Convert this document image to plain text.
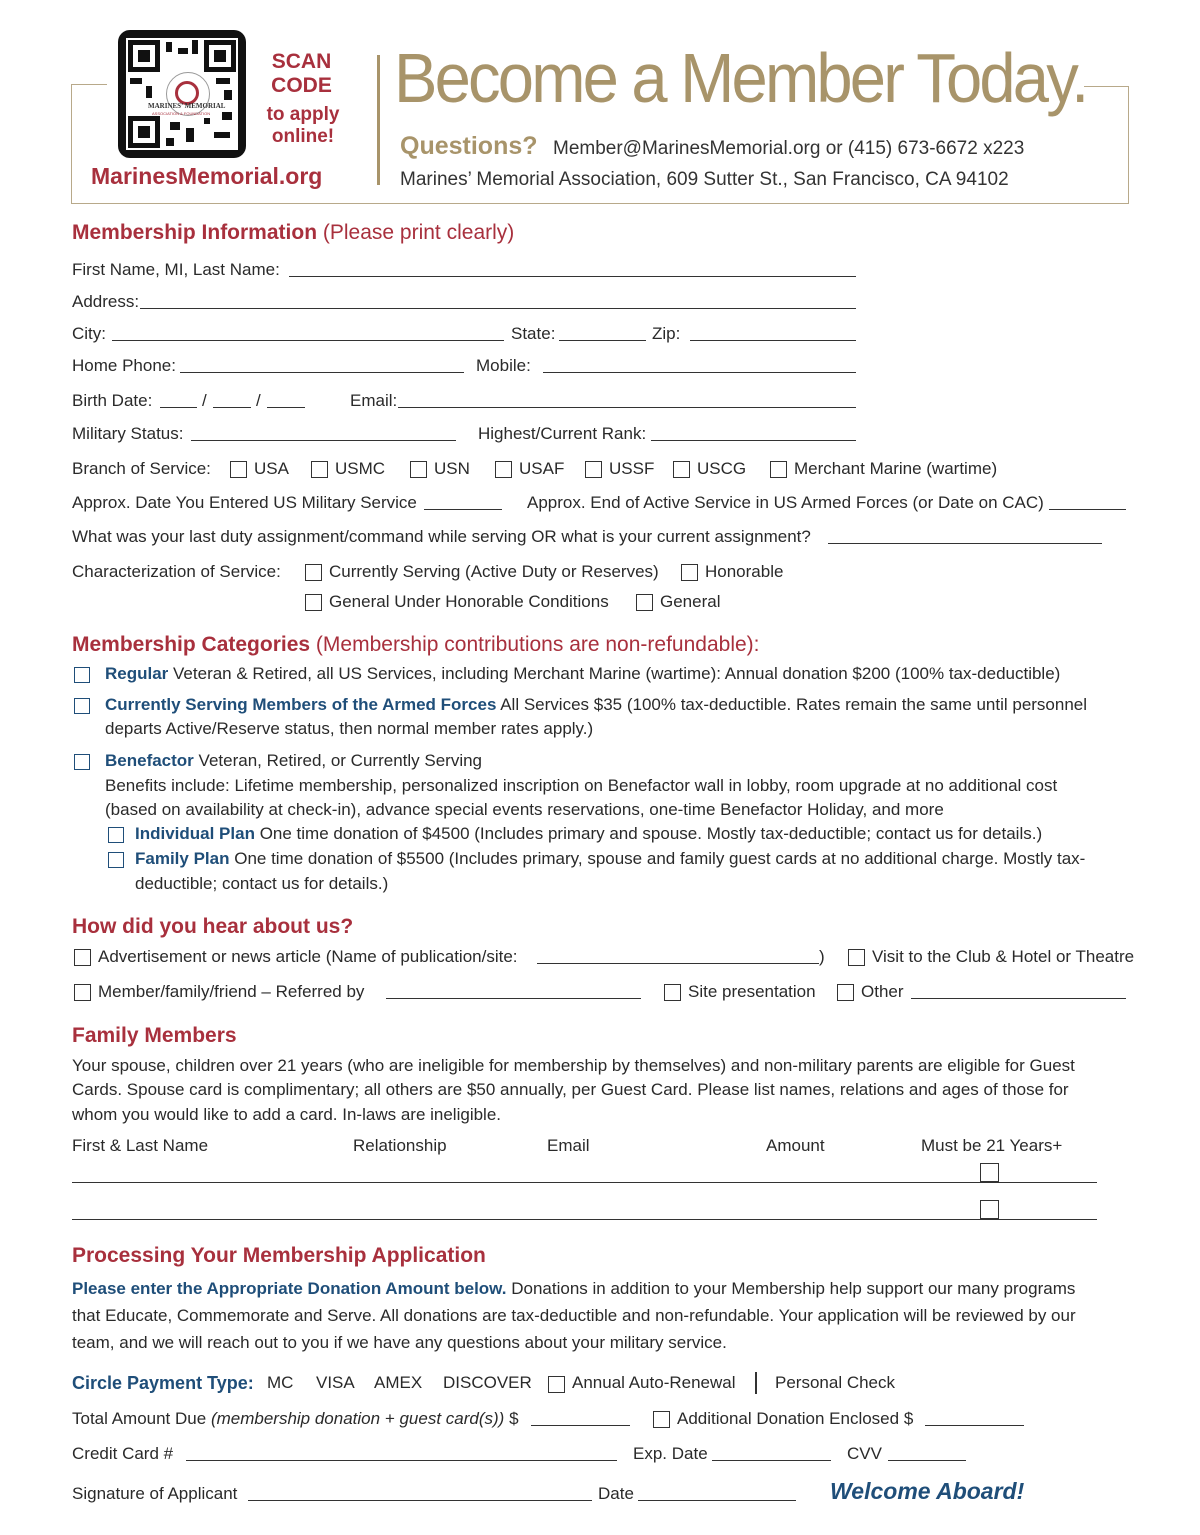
MARINES’ MEMORIAL
ASSOCIATION & FOUNDATION
SCAN
CODE
to apply
online!
MarinesMemorial.org
Become a Member Today.
Questions? Member@MarinesMemorial.org or (415) 673-6672 x223
Marines’ Memorial Association, 609 Sutter St., San Francisco, CA 94102
Membership Information (Please print clearly)
First Name, MI, Last Name:
Address:
City:	State:	Zip:
Home Phone:	Mobile:
Birth Date:	/	/	Email:
Military Status:	Highest/Current Rank:
Branch of Service:	USA	USMC	USN	USAF	USSF	USCG	Merchant Marine (wartime)
Approx. Date You Entered US Military Service	Approx. End of Active Service in US Armed Forces (or Date on CAC)
What was your last duty assignment/command while serving OR what is your current assignment?
Characterization of Service:	Currently Serving (Active Duty or Reserves)	Honorable
General Under Honorable Conditions	General
Membership Categories (Membership contributions are non-refundable):
Regular Veteran & Retired, all US Services, including Merchant Marine (wartime): Annual donation $200 (100% tax-deductible)
Currently Serving Members of the Armed Forces All Services $35 (100% tax-deductible. Rates remain the same until personnel
departs Active/Reserve status, then normal member rates apply.)
Benefactor Veteran, Retired, or Currently Serving
Benefits include: Lifetime membership, personalized inscription on Benefactor wall in lobby, room upgrade at no additional cost
(based on availability at check-in), advance special events reservations, one-time Benefactor Holiday, and more
Individual Plan One time donation of $4500 (Includes primary and spouse. Mostly tax-deductible; contact us for details.)
Family Plan One time donation of $5500 (Includes primary, spouse and family guest cards at no additional charge. Mostly tax-
deductible; contact us for details.)
How did you hear about us?
Advertisement or news article (Name of publication/site:	)	Visit to the Club & Hotel or Theatre
Member/family/friend – Referred by	Site presentation	Other
Family Members
Your spouse, children over 21 years (who are ineligible for membership by themselves) and non-military parents are eligible for Guest
Cards. Spouse card is complimentary; all others are $50 annually, per Guest Card. Please list names, relations and ages of those for
whom you would like to add a card. In-laws are ineligible.
First & Last Name	Relationship	Email	Amount	Must be 21 Years+
Processing Your Membership Application
Please enter the Appropriate Donation Amount below. Donations in addition to your Membership help support our many programs
that Educate, Commemorate and Serve. All donations are tax-deductible and non-refundable. Your application will be reviewed by our
team, and we will reach out to you if we have any questions about your military service.
Circle Payment Type: MC VISA AMEX DISCOVER Annual Auto-Renewal Personal Check
Total Amount Due (membership donation + guest card(s)) $	Additional Donation Enclosed $
Credit Card #	Exp. Date	CVV
Signature of Applicant	Date	Welcome Aboard!
